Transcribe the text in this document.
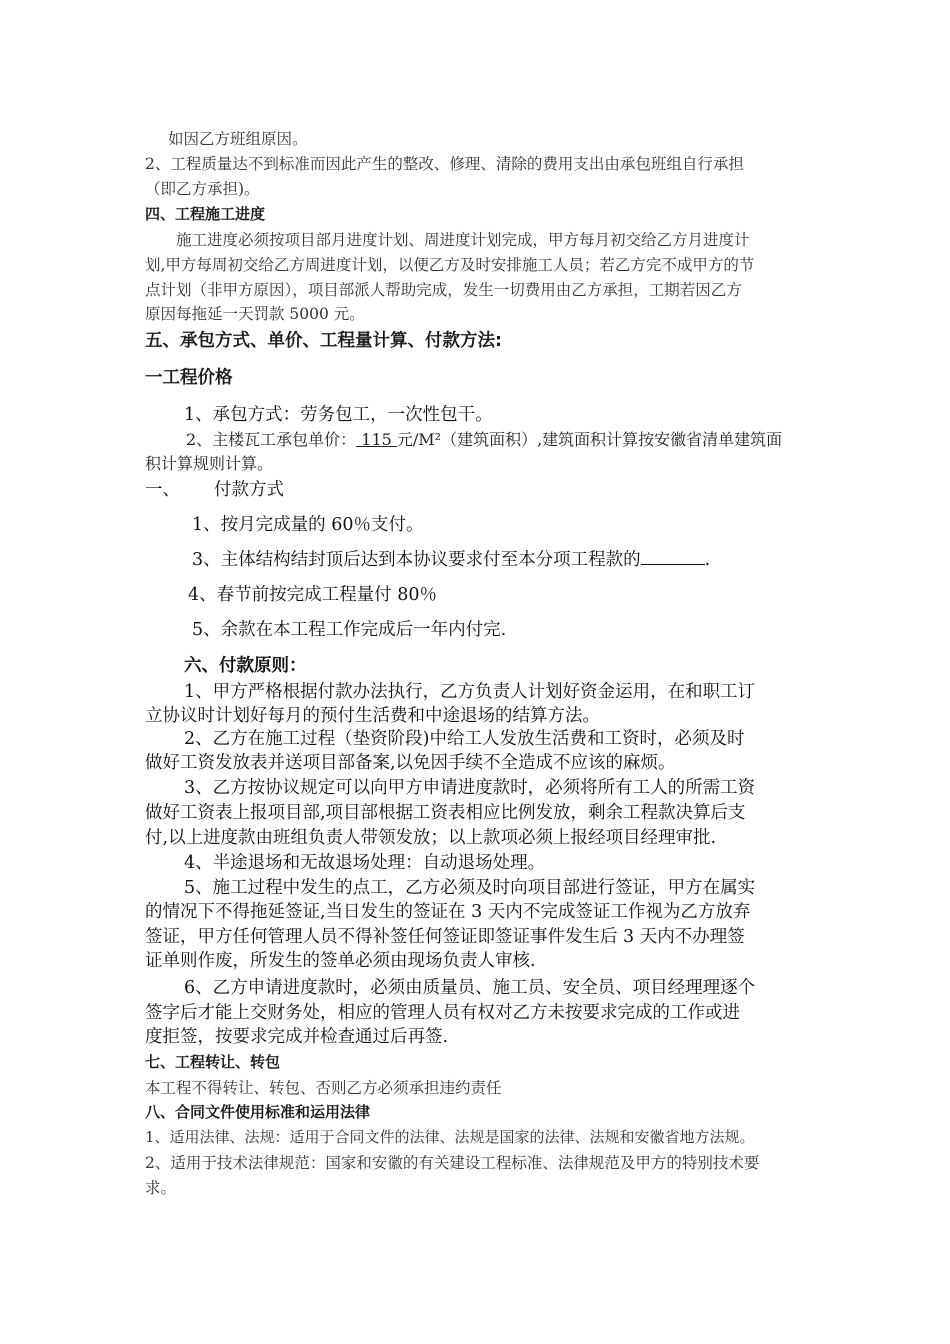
如因乙方班组原因。
2、工程质量达不到标准而因此产生的整改、修理、清除的费用支出由承包班组自行承担
（即乙方承担)。
四、工程施工进度
施工进度必须按项目部月进度计划、周进度计划完成，甲方每月初交给乙方月进度计
划,甲方每周初交给乙方周进度计划，以便乙方及时安排施工人员；若乙方完不成甲方的节
点计划（非甲方原因），项目部派人帮助完成，发生一切费用由乙方承担，工期若因乙方
原因每拖延一天罚款 5000 元。
五、承包方式、单价、工程量计算、付款方法:
一工程价格
1、承包方式：劳务包工，一次性包干。
2、主楼瓦工承包单价： 115 元/M²（建筑面积）,建筑面积计算按安徽省清单建筑面
积计算规则计算。
一、 付款方式
1、按月完成量的 60％支付。
3、主体结构结封顶后达到本协议要求付至本分项工程款的	.
4、春节前按完成工程量付 80％
5、余款在本工程工作完成后一年内付完.
六、付款原则：
1、甲方严格根据付款办法执行，乙方负责人计划好资金运用，在和职工订
立协议时计划好每月的预付生活费和中途退场的结算方法。
2、乙方在施工过程（垫资阶段)中给工人发放生活费和工资时，必须及时
做好工资发放表并送项目部备案,以免因手续不全造成不应该的麻烦。
3、乙方按协议规定可以向甲方申请进度款时，必须将所有工人的所需工资
做好工资表上报项目部,项目部根据工资表相应比例发放，剩余工程款决算后支
付,以上进度款由班组负责人带领发放；以上款项必须上报经项目经理审批.
4、半途退场和无故退场处理：自动退场处理。
5、施工过程中发生的点工，乙方必须及时向项目部进行签证，甲方在属实
的情况下不得拖延签证,当日发生的签证在 3 天内不完成签证工作视为乙方放弃
签证，甲方任何管理人员不得补签任何签证即签证事件发生后 3 天内不办理签
证单则作废，所发生的签单必须由现场负责人审核.
6、乙方申请进度款时，必须由质量员、施工员、安全员、项目经理理逐个
签字后才能上交财务处，相应的管理人员有权对乙方未按要求完成的工作或进
度拒签，按要求完成并检查通过后再签.
七、工程转让、转包
本工程不得转让、转包、否则乙方必须承担违约责任
八、合同文件使用标准和运用法律
1、适用法律、法规：适用于合同文件的法律、法规是国家的法律、法规和安徽省地方法规。
2、适用于技术法律规范：国家和安徽的有关建设工程标准、法律规范及甲方的特别技术要
求。
